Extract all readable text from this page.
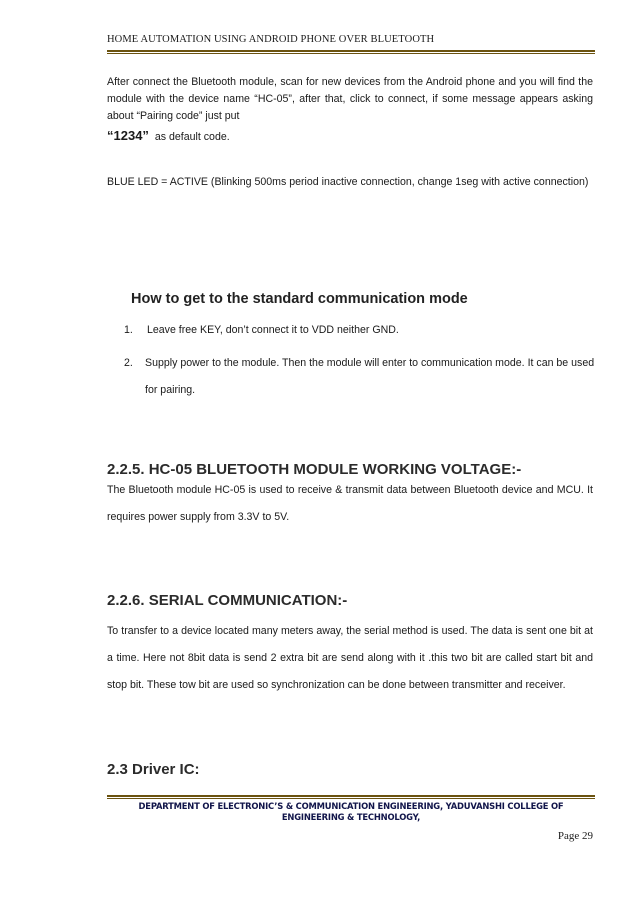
HOME AUTOMATION USING ANDROID PHONE OVER BLUETOOTH
After connect the Bluetooth module, scan for new devices from the Android phone and you will find the module with the device name “HC-05”, after that, click to connect, if some message appears asking about “Pairing code” just put
“1234” as default code.
BLUE LED = ACTIVE (Blinking 500ms period inactive connection, change 1seg with active connection)
How to get to the standard communication mode
1. Leave free KEY, don’t connect it to VDD neither GND.
2. Supply power to the module. Then the module will enter to communication mode. It can be used for pairing.
2.2.5. HC-05 BLUETOOTH MODULE WORKING VOLTAGE:-
The Bluetooth module HC-05 is used to receive & transmit data between Bluetooth device and MCU. It requires power supply from 3.3V to 5V.
2.2.6. SERIAL COMMUNICATION:-
To transfer to a device located many meters away, the serial method is used. The data is sent one bit at a time. Here not 8bit data is send 2 extra bit are send along with it .this two bit are called start bit and stop bit. These tow bit are used so synchronization can be done between transmitter and receiver.
2.3 Driver IC:
DEPARTMENT OF ELECTRONIC’S & COMMUNICATION ENGINEERING, YADUVANSHI COLLEGE OF ENGINEERING & TECHNOLOGY,
Page 29
